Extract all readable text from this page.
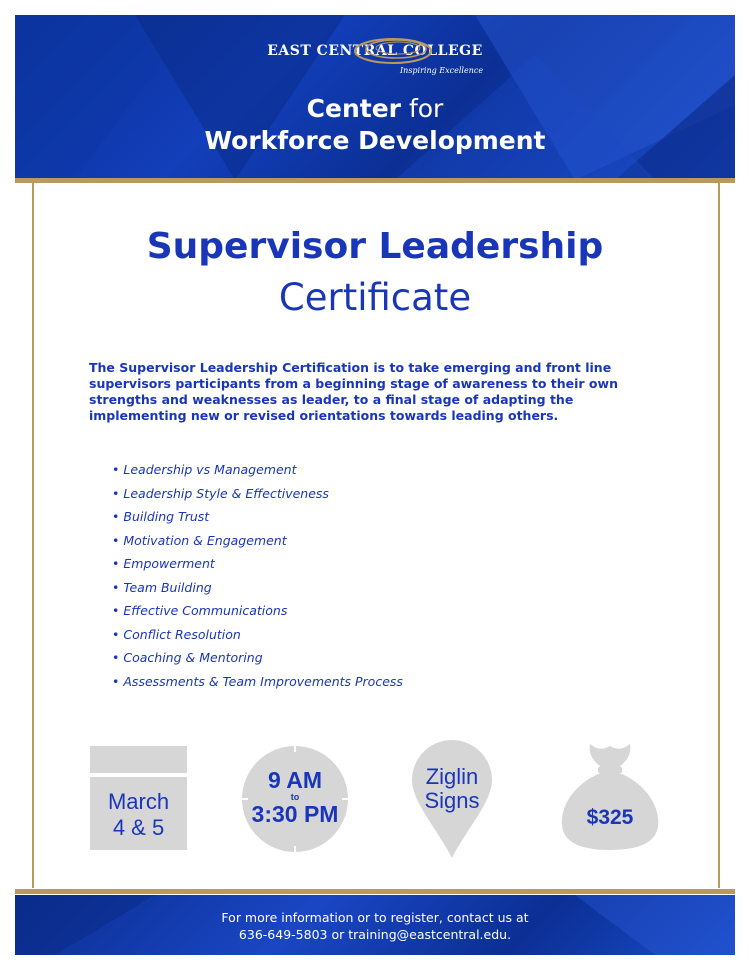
EAST CENTRAL COLLEGE
Inspiring Excellence
Center for
Workforce Development
Supervisor Leadership
Certificate
The Supervisor Leadership Certification is to take emerging and front line supervisors participants from a beginning stage of awareness to their own strengths and weaknesses as leader, to a final stage of adapting the implementing new or revised orientations towards leading others.
• Leadership vs Management
• Leadership Style & Effectiveness
• Building Trust
• Motivation & Engagement
• Empowerment
• Team Building
• Effective Communications
• Conflict Resolution
• Coaching & Mentoring
• Assessments & Team Improvements Process
March
4 & 5
9 AM
to
3:30 PM
Ziglin
Signs
$325
For more information or to register, contact us at
636-649-5803 or training@eastcentral.edu.
